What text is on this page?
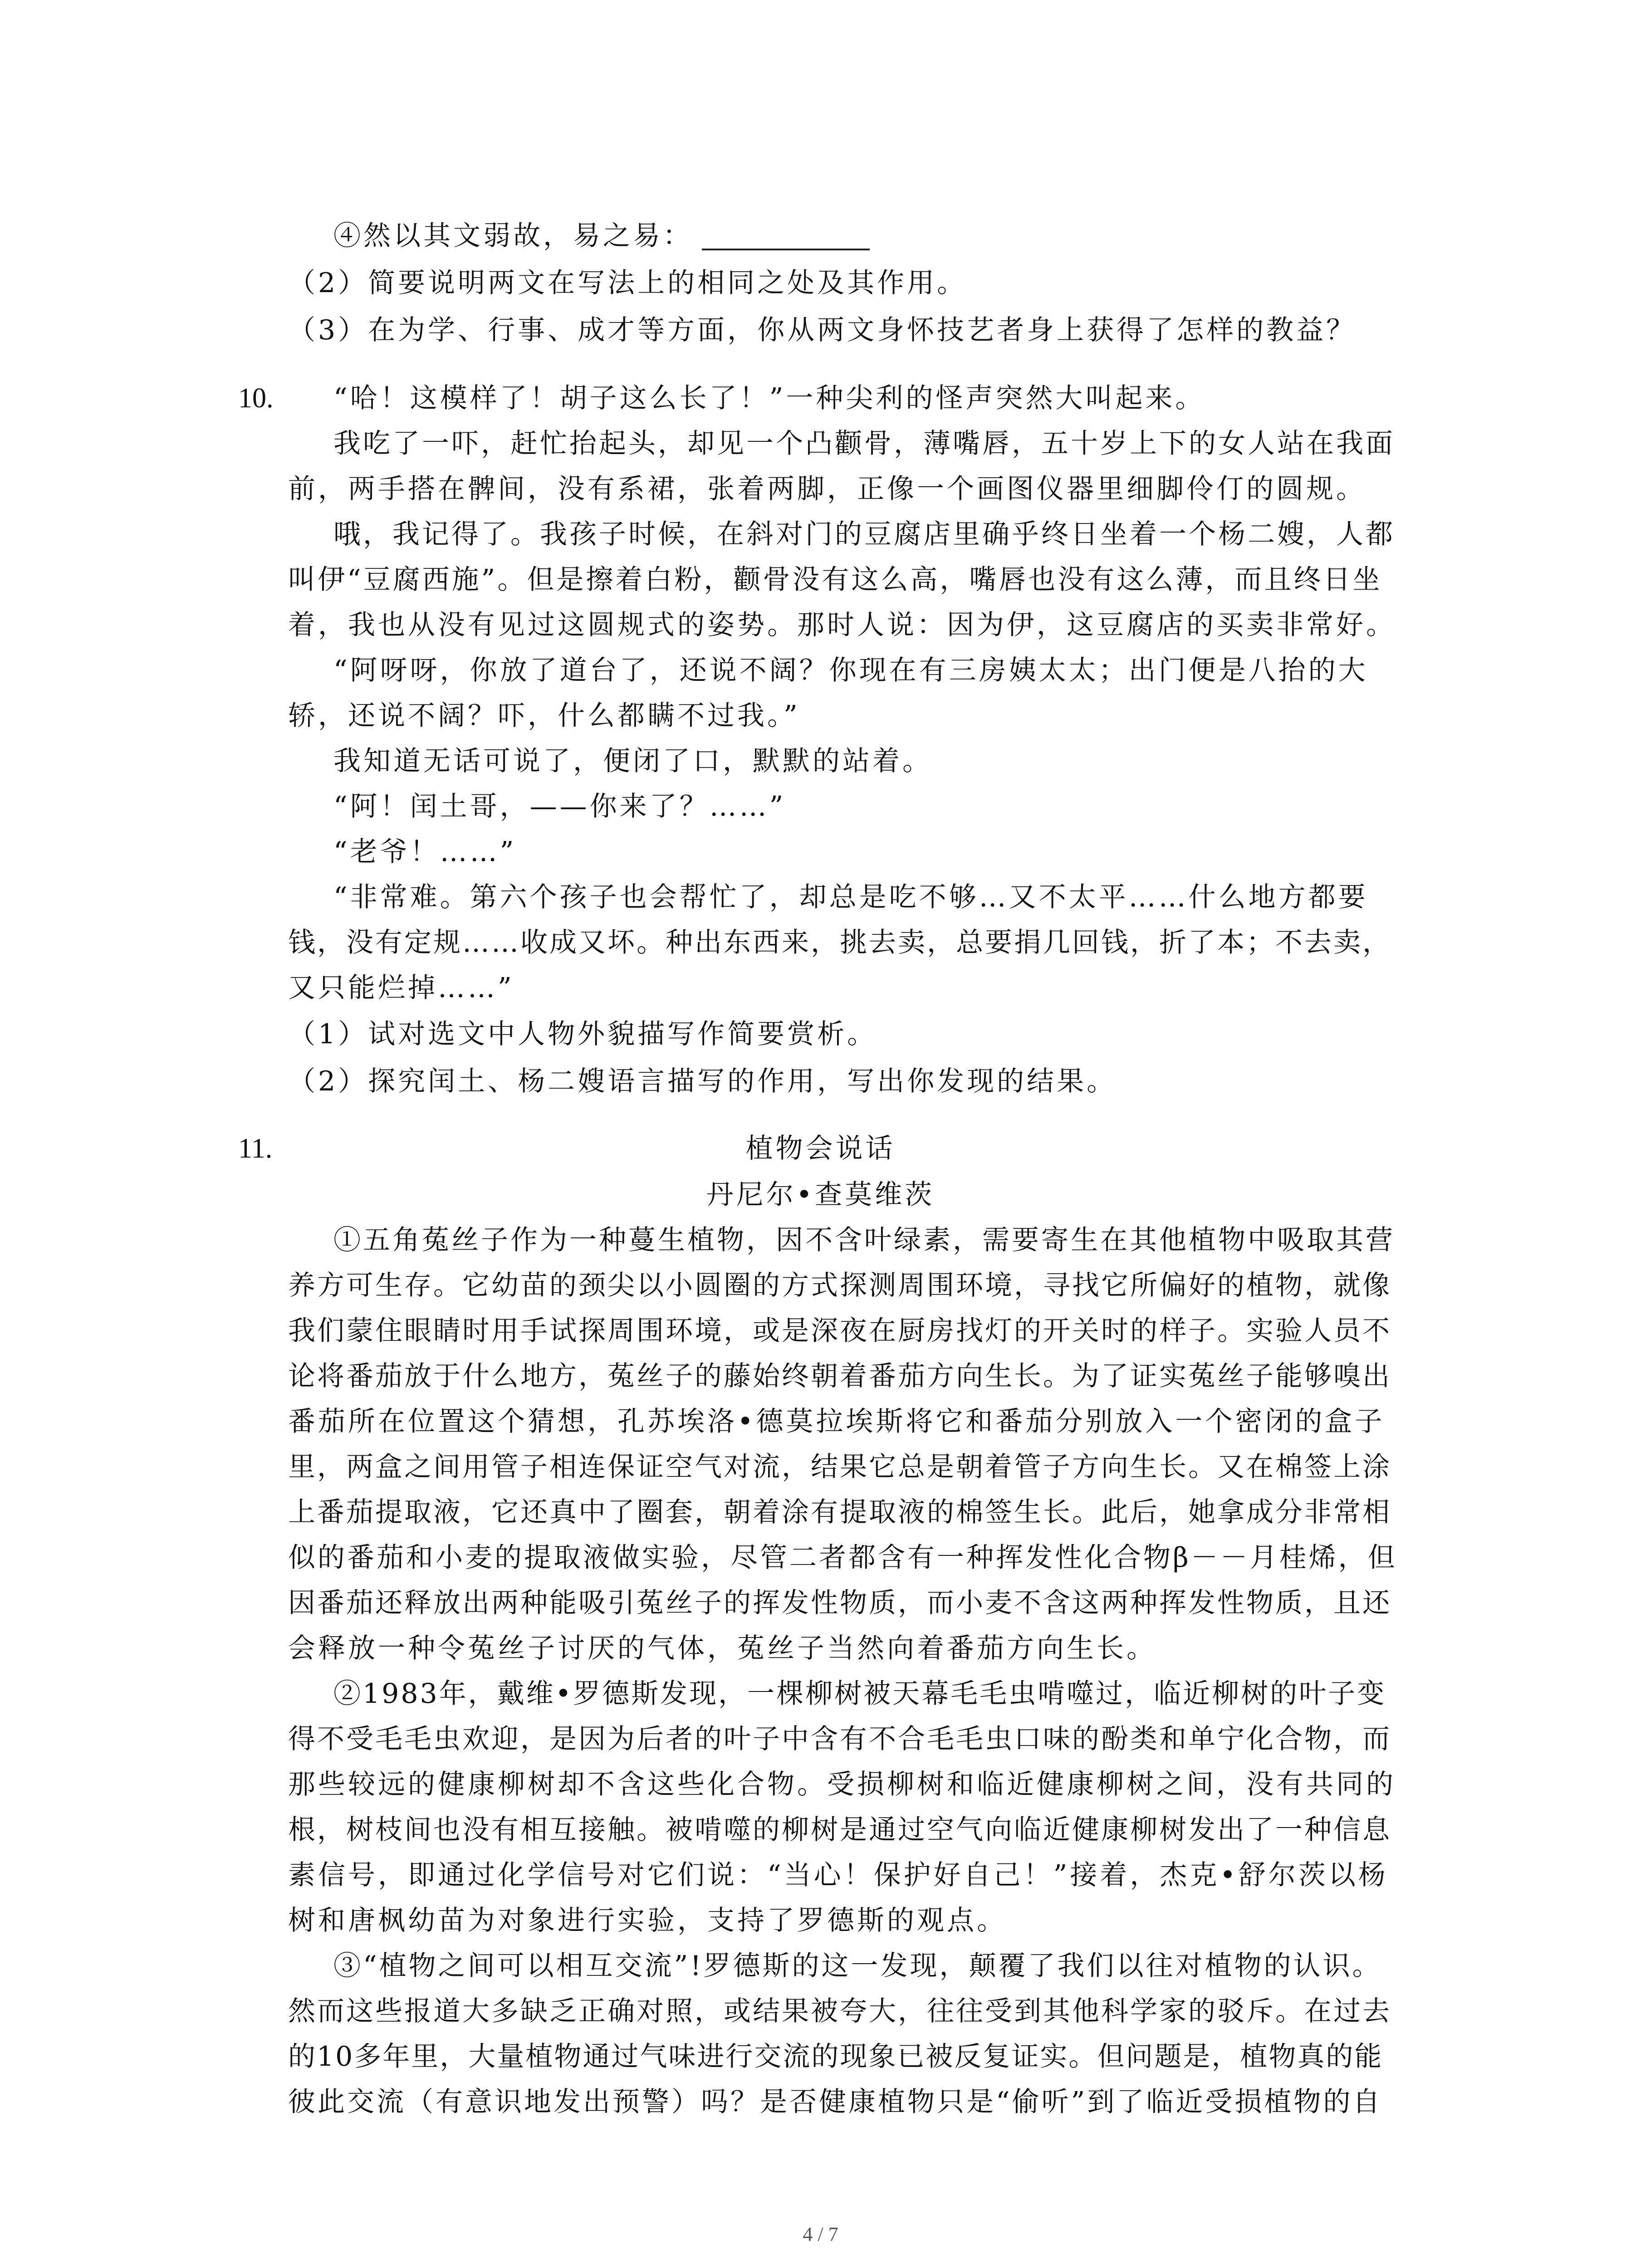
④然以其文弱故，易之易：

（2）简要说明两文在写法上的相同之处及其作用。

（3）在为学、行事、成才等方面，你从两文身怀技艺者身上获得了怎样的教益？

10. “哈！这模样了！胡子这么长了！”一种尖利的怪声突然大叫起来。

我吃了一吓，赶忙抬起头，却见一个凸颧骨，薄嘴唇，五十岁上下的女人站在我面

前，两手搭在髀间，没有系裙，张着两脚，正像一个画图仪器里细脚伶仃的圆规。

哦，我记得了。我孩子时候，在斜对门的豆腐店里确乎终日坐着一个杨二嫂，人都

叫伊“豆腐西施”。但是擦着白粉，颧骨没有这么高，嘴唇也没有这么薄，而且终日坐

着，我也从没有见过这圆规式的姿势。那时人说：因为伊，这豆腐店的买卖非常好。

“阿呀呀，你放了道台了，还说不阔？你现在有三房姨太太；出门便是八抬的大

轿，还说不阔？吓，什么都瞒不过我。”

我知道无话可说了，便闭了口，默默的站着。

“阿！闰土哥，——你来了？……”

“老爷！……”

“非常难。第六个孩子也会帮忙了，却总是吃不够…又不太平……什么地方都要

钱，没有定规……收成又坏。种出东西来，挑去卖，总要捐几回钱，折了本；不去卖，

又只能烂掉……”

（1）试对选文中人物外貌描写作简要赏析。

（2）探究闰土、杨二嫂语言描写的作用，写出你发现的结果。

11.	植物会说话

丹尼尔•查莫维茨

①五角菟丝子作为一种蔓生植物，因不含叶绿素，需要寄生在其他植物中吸取其营

养方可生存。它幼苗的颈尖以小圆圈的方式探测周围环境，寻找它所偏好的植物，就像

我们蒙住眼睛时用手试探周围环境，或是深夜在厨房找灯的开关时的样子。实验人员不

论将番茄放于什么地方，菟丝子的藤始终朝着番茄方向生长。为了证实菟丝子能够嗅出

番茄所在位置这个猜想，孔苏埃洛•德莫拉埃斯将它和番茄分别放入一个密闭的盒子

里，两盒之间用管子相连保证空气对流，结果它总是朝着管子方向生长。又在棉签上涂

上番茄提取液，它还真中了圈套，朝着涂有提取液的棉签生长。此后，她拿成分非常相

似的番茄和小麦的提取液做实验，尽管二者都含有一种挥发性化合物β－－月桂烯，但

因番茄还释放出两种能吸引菟丝子的挥发性物质，而小麦不含这两种挥发性物质，且还

会释放一种令菟丝子讨厌的气体，菟丝子当然向着番茄方向生长。

②1983年，戴维•罗德斯发现，一棵柳树被天幕毛毛虫啃噬过，临近柳树的叶子变

得不受毛毛虫欢迎，是因为后者的叶子中含有不合毛毛虫口味的酚类和单宁化合物，而

那些较远的健康柳树却不含这些化合物。受损柳树和临近健康柳树之间，没有共同的

根，树枝间也没有相互接触。被啃噬的柳树是通过空气向临近健康柳树发出了一种信息

素信号，即通过化学信号对它们说：“当心！保护好自己！”接着，杰克•舒尔茨以杨

树和唐枫幼苗为对象进行实验，支持了罗德斯的观点。

③“植物之间可以相互交流”!罗德斯的这一发现，颠覆了我们以往对植物的认识。

然而这些报道大多缺乏正确对照，或结果被夸大，往往受到其他科学家的驳斥。在过去

的10多年里，大量植物通过气味进行交流的现象已被反复证实。但问题是，植物真的能

彼此交流（有意识地发出预警）吗？是否健康植物只是“偷听”到了临近受损植物的自

4 / 7
